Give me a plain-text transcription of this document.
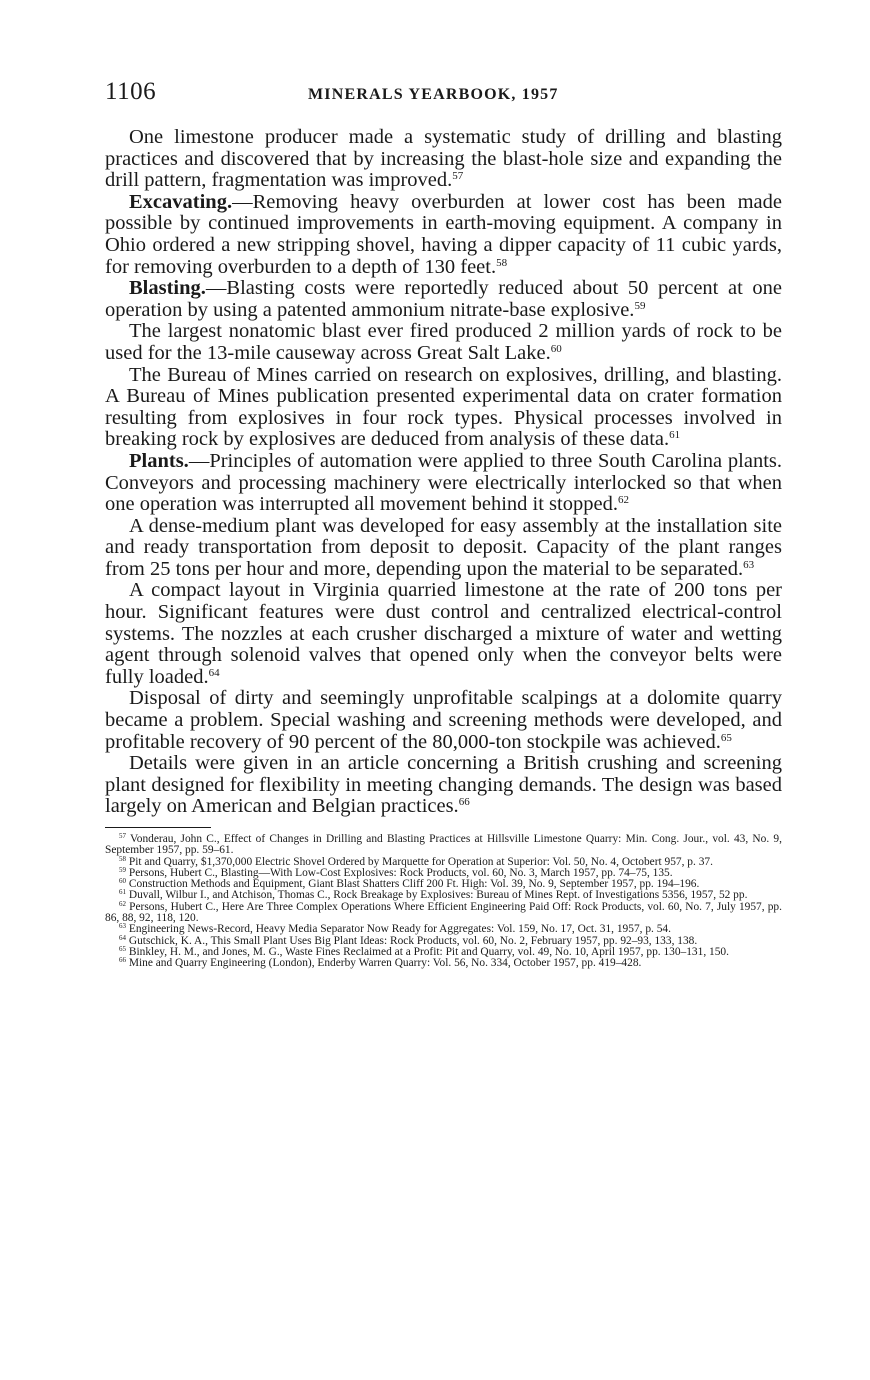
1106	MINERALS YEARBOOK, 1957

One limestone producer made a systematic study of drilling and blasting practices and discovered that by increasing the blast-hole size and expanding the drill pattern, fragmentation was improved.$^{57}$

Excavating.—Removing heavy overburden at lower cost has been made possible by continued improvements in earth-moving equipment. A company in Ohio ordered a new stripping shovel, having a dipper capacity of 11 cubic yards, for removing overburden to a depth of 130 feet.$^{58}$

Blasting.—Blasting costs were reportedly reduced about 50 percent at one operation by using a patented ammonium nitrate-base explosive.$^{59}$

The largest nonatomic blast ever fired produced 2 million yards of rock to be used for the 13-mile causeway across Great Salt Lake.$^{60}$

The Bureau of Mines carried on research on explosives, drilling, and blasting. A Bureau of Mines publication presented experimental data on crater formation resulting from explosives in four rock types. Physical processes involved in breaking rock by explosives are deduced from analysis of these data.$^{61}$

Plants.—Principles of automation were applied to three South Carolina plants. Conveyors and processing machinery were electrically interlocked so that when one operation was interrupted all movement behind it stopped.$^{62}$

A dense-medium plant was developed for easy assembly at the installation site and ready transportation from deposit to deposit. Capacity of the plant ranges from 25 tons per hour and more, depending upon the material to be separated.$^{63}$

A compact layout in Virginia quarried limestone at the rate of 200 tons per hour. Significant features were dust control and centralized electrical-control systems. The nozzles at each crusher discharged a mixture of water and wetting agent through solenoid valves that opened only when the conveyor belts were fully loaded.$^{64}$

Disposal of dirty and seemingly unprofitable scalpings at a dolomite quarry became a problem. Special washing and screening methods were developed, and profitable recovery of 90 percent of the 80,000-ton stockpile was achieved.$^{65}$

Details were given in an article concerning a British crushing and screening plant designed for flexibility in meeting changing demands. The design was based largely on American and Belgian practices.$^{66}$

$^{57}$ Vonderau, John C., Effect of Changes in Drilling and Blasting Practices at Hillsville Limestone Quarry: Min. Cong. Jour., vol. 43, No. 9, September 1957, pp. 59–61.

$^{58}$ Pit and Quarry, $1,370,000 Electric Shovel Ordered by Marquette for Operation at Superior: Vol. 50, No. 4, Octobert 957, p. 37.

$^{59}$ Persons, Hubert C., Blasting—With Low-Cost Explosives: Rock Products, vol. 60, No. 3, March 1957, pp. 74–75, 135.

$^{60}$ Construction Methods and Equipment, Giant Blast Shatters Cliff 200 Ft. High: Vol. 39, No. 9, September 1957, pp. 194–196.

$^{61}$ Duvall, Wilbur I., and Atchison, Thomas C., Rock Breakage by Explosives: Bureau of Mines Rept. of Investigations 5356, 1957, 52 pp.

$^{62}$ Persons, Hubert C., Here Are Three Complex Operations Where Efficient Engineering Paid Off: Rock Products, vol. 60, No. 7, July 1957, pp. 86, 88, 92, 118, 120.

$^{63}$ Engineering News-Record, Heavy Media Separator Now Ready for Aggregates: Vol. 159, No. 17, Oct. 31, 1957, p. 54.

$^{64}$ Gutschick, K. A., This Small Plant Uses Big Plant Ideas: Rock Products, vol. 60, No. 2, February 1957, pp. 92–93, 133, 138.

$^{65}$ Binkley, H. M., and Jones, M. G., Waste Fines Reclaimed at a Profit: Pit and Quarry, vol. 49, No. 10, April 1957, pp. 130–131, 150.

$^{66}$ Mine and Quarry Engineering (London), Enderby Warren Quarry: Vol. 56, No. 334, October 1957, pp. 419–428.
